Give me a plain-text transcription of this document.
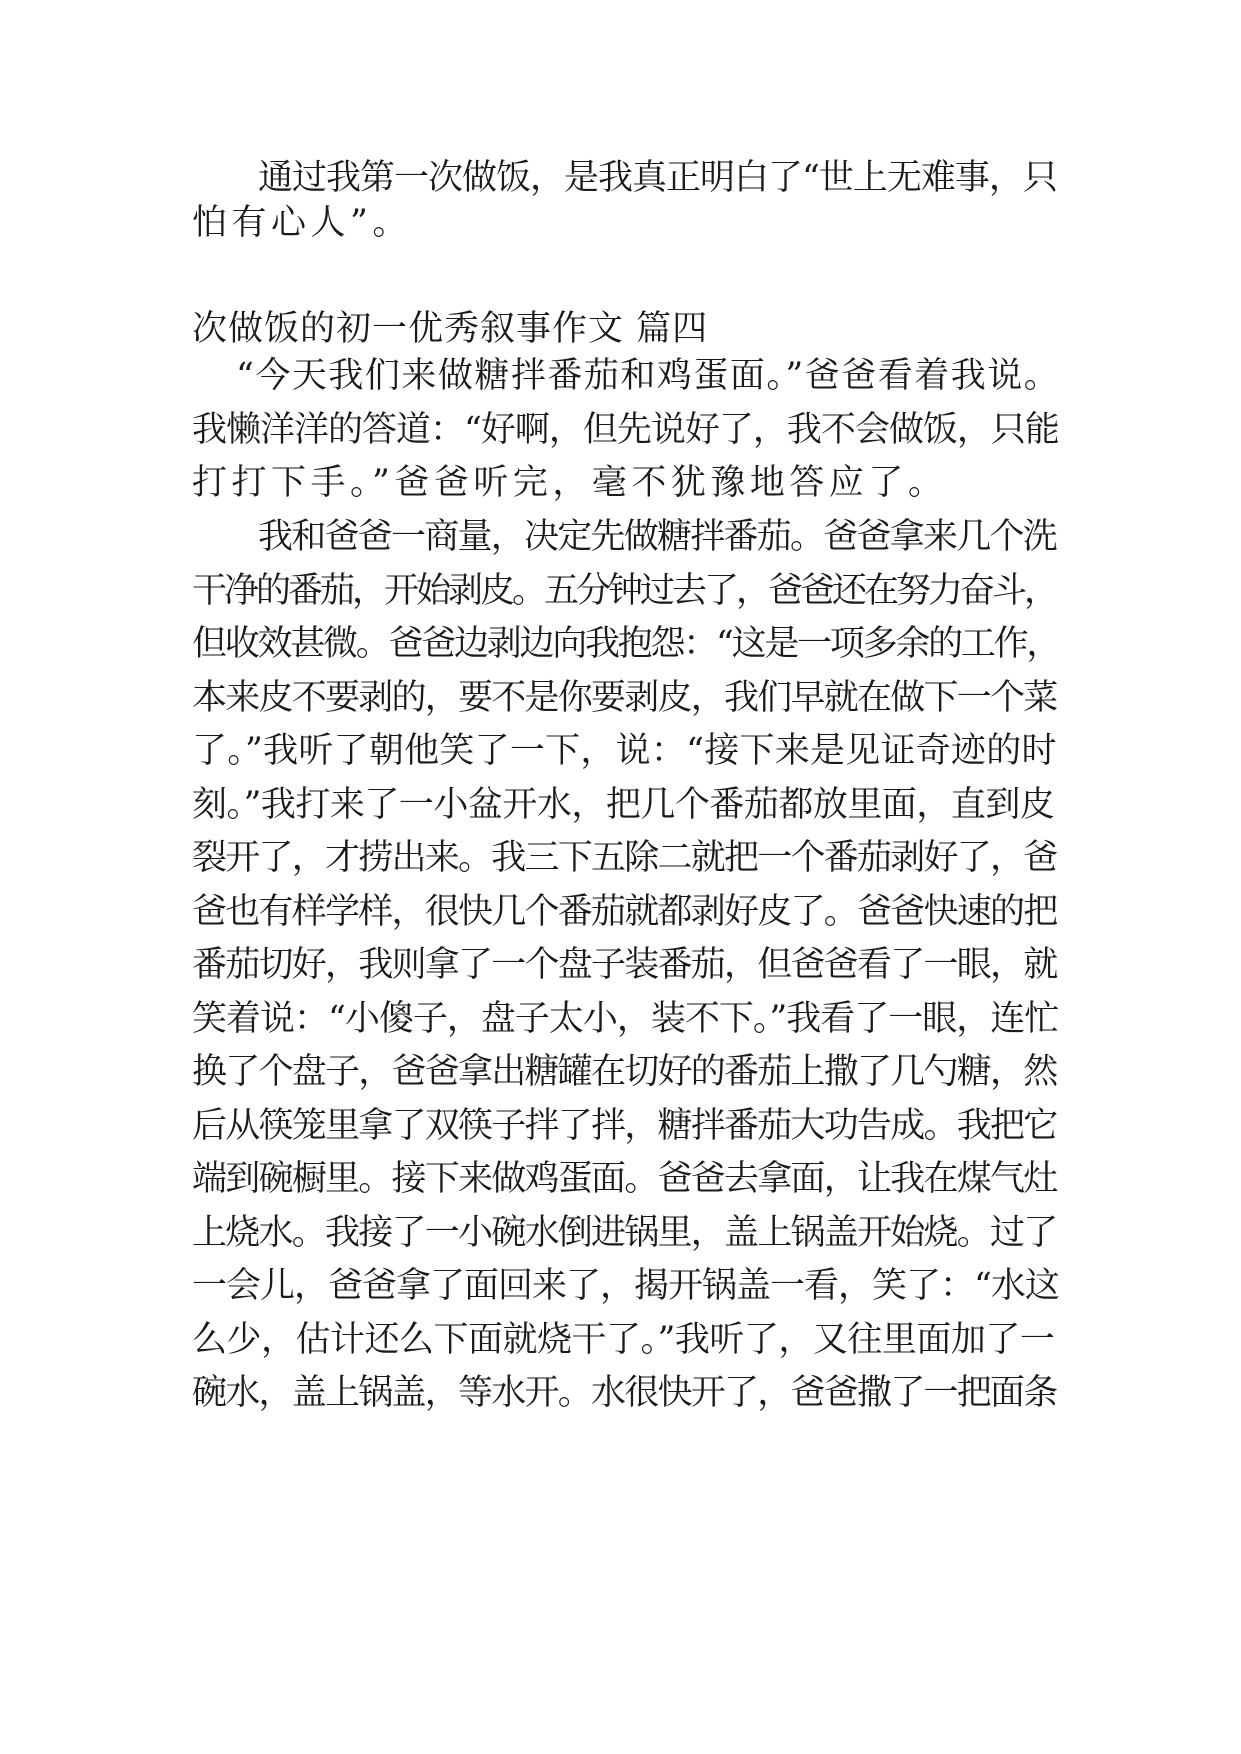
通过我第一次做饭，是我真正明白了“世上无难事，只
怕有心人”。
次做饭的初一优秀叙事作文 篇四
“今天我们来做糖拌番茄和鸡蛋面。”爸爸看着我说。
我懒洋洋的答道：“好啊，但先说好了，我不会做饭，只能
打打下手。”爸爸听完，毫不犹豫地答应了。
我和爸爸一商量，决定先做糖拌番茄。爸爸拿来几个洗
干净的番茄，开始剥皮。五分钟过去了，爸爸还在努力奋斗，
但收效甚微。爸爸边剥边向我抱怨：“这是一项多余的工作，
本来皮不要剥的，要不是你要剥皮，我们早就在做下一个菜
了。”我听了朝他笑了一下，说：“接下来是见证奇迹的时
刻。”我打来了一小盆开水，把几个番茄都放里面，直到皮
裂开了，才捞出来。我三下五除二就把一个番茄剥好了，爸
爸也有样学样，很快几个番茄就都剥好皮了。爸爸快速的把
番茄切好，我则拿了一个盘子装番茄，但爸爸看了一眼，就
笑着说：“小傻子，盘子太小，装不下。”我看了一眼，连忙
换了个盘子，爸爸拿出糖罐在切好的番茄上撒了几勺糖，然
后从筷笼里拿了双筷子拌了拌，糖拌番茄大功告成。我把它
端到碗橱里。接下来做鸡蛋面。爸爸去拿面，让我在煤气灶
上烧水。我接了一小碗水倒进锅里，盖上锅盖开始烧。过了
一会儿，爸爸拿了面回来了，揭开锅盖一看，笑了：“水这
么少，估计还么下面就烧干了。”我听了，又往里面加了一
碗水，盖上锅盖，等水开。水很快开了，爸爸撒了一把面条
